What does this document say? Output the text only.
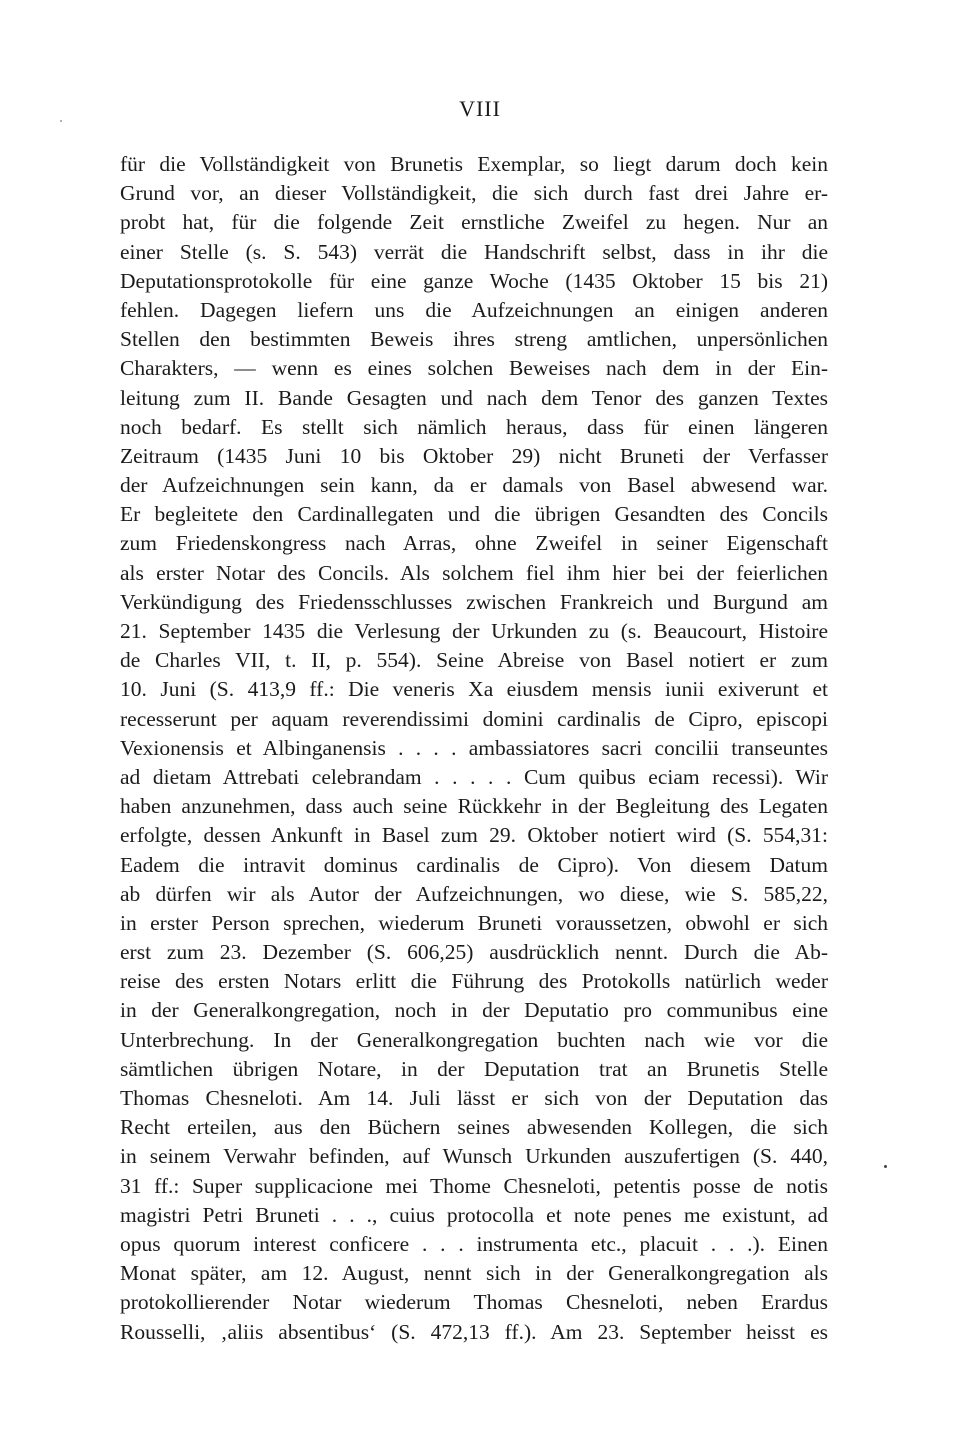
VIII
für die Vollständigkeit von Brunetis Exemplar, so liegt darum doch kein
Grund vor, an dieser Vollständigkeit, die sich durch fast drei Jahre er-
probt hat, für die folgende Zeit ernstliche Zweifel zu hegen. Nur an
einer Stelle (s. S. 543) verrät die Handschrift selbst, dass in ihr die
Deputationsprotokolle für eine ganze Woche (1435 Oktober 15 bis 21)
fehlen. Dagegen liefern uns die Aufzeichnungen an einigen anderen
Stellen den bestimmten Beweis ihres streng amtlichen, unpersönlichen
Charakters, — wenn es eines solchen Beweises nach dem in der Ein-
leitung zum II. Bande Gesagten und nach dem Tenor des ganzen Textes
noch bedarf. Es stellt sich nämlich heraus, dass für einen längeren
Zeitraum (1435 Juni 10 bis Oktober 29) nicht Bruneti der Verfasser
der Aufzeichnungen sein kann, da er damals von Basel abwesend war.
Er begleitete den Cardinallegaten und die übrigen Gesandten des Concils
zum Friedenskongress nach Arras, ohne Zweifel in seiner Eigenschaft
als erster Notar des Concils. Als solchem fiel ihm hier bei der feierlichen
Verkündigung des Friedensschlusses zwischen Frankreich und Burgund am
21. September 1435 die Verlesung der Urkunden zu (s. Beaucourt, Histoire
de Charles VII, t. II, p. 554). Seine Abreise von Basel notiert er zum
10. Juni (S. 413,9 ff.: Die veneris Xa eiusdem mensis iunii exiverunt et
recesserunt per aquam reverendissimi domini cardinalis de Cipro, episcopi
Vexionensis et Albinganensis . . . . ambassiatores sacri concilii transeuntes
ad dietam Attrebati celebrandam . . . . . Cum quibus eciam recessi). Wir
haben anzunehmen, dass auch seine Rückkehr in der Begleitung des Legaten
erfolgte, dessen Ankunft in Basel zum 29. Oktober notiert wird (S. 554,31:
Eadem die intravit dominus cardinalis de Cipro). Von diesem Datum
ab dürfen wir als Autor der Aufzeichnungen, wo diese, wie S. 585,22,
in erster Person sprechen, wiederum Bruneti voraussetzen, obwohl er sich
erst zum 23. Dezember (S. 606,25) ausdrücklich nennt. Durch die Ab-
reise des ersten Notars erlitt die Führung des Protokolls natürlich weder
in der Generalkongregation, noch in der Deputatio pro communibus eine
Unterbrechung. In der Generalkongregation buchten nach wie vor die
sämtlichen übrigen Notare, in der Deputation trat an Brunetis Stelle
Thomas Chesneloti. Am 14. Juli lässt er sich von der Deputation das
Recht erteilen, aus den Büchern seines abwesenden Kollegen, die sich
in seinem Verwahr befinden, auf Wunsch Urkunden auszufertigen (S. 440,
31 ff.: Super supplicacione mei Thome Chesneloti, petentis posse de notis
magistri Petri Bruneti . . ., cuius protocolla et note penes me existunt, ad
opus quorum interest conficere . . . instrumenta etc., placuit . . .). Einen
Monat später, am 12. August, nennt sich in der Generalkongregation als
protokollierender Notar wiederum Thomas Chesneloti, neben Erardus
Rousselli, ‚aliis absentibus‘ (S. 472,13 ff.). Am 23. September heisst es
